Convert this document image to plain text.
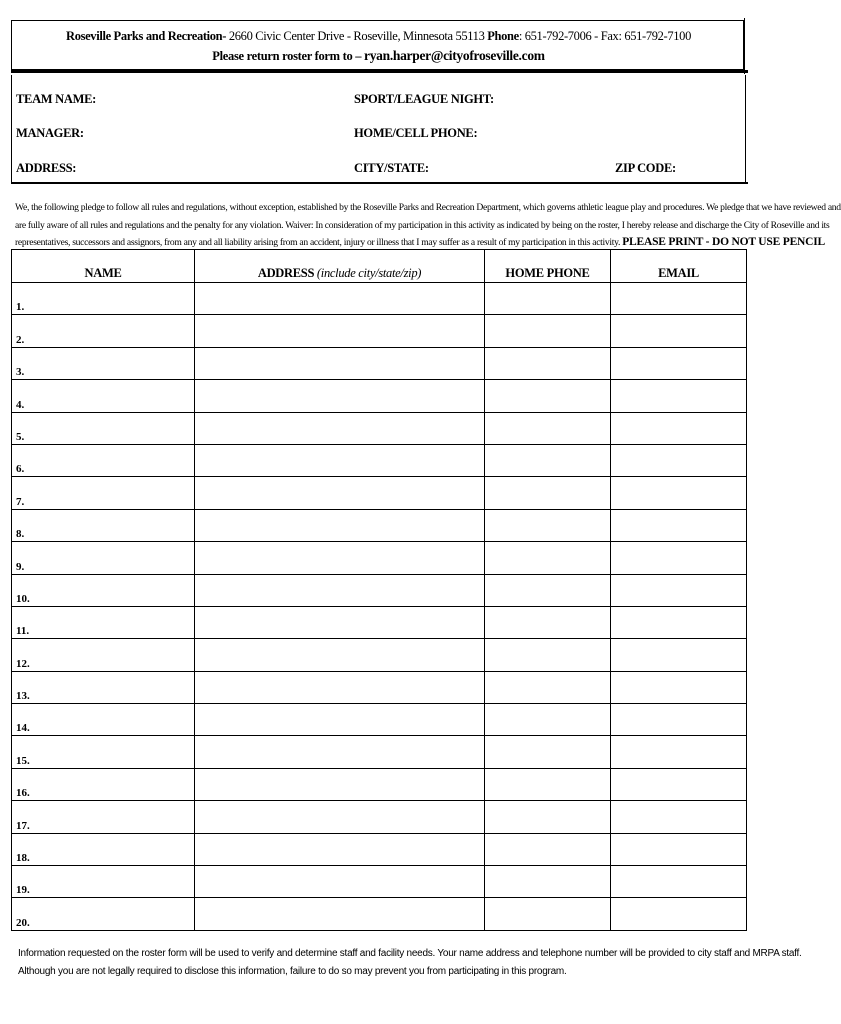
Roseville Parks and Recreation- 2660 Civic Center Drive - Roseville, Minnesota 55113 Phone: 651-792-7006 - Fax: 651-792-7100
Please return roster form to – ryan.harper@cityofroseville.com
TEAM NAME:	SPORT/LEAGUE NIGHT:
MANAGER:	HOME/CELL PHONE:
ADDRESS:	CITY/STATE:	ZIP CODE:
We, the following pledge to follow all rules and regulations, without exception, established by the Roseville Parks and Recreation Department, which governs athletic league play and procedures. We pledge that we have reviewed and
are fully aware of all rules and regulations and the penalty for any violation. Waiver: In consideration of my participation in this activity as indicated by being on the roster, I hereby release and discharge the City of Roseville and its
representatives, successors and assignors, from any and all liability arising from an accident, injury or illness that I may suffer as a result of my participation in this activity. PLEASE PRINT - DO NOT USE PENCIL
NAME	ADDRESS (include city/state/zip)	HOME PHONE	EMAIL
1.			
2.			
3.			
4.			
5.			
6.			
7.			
8.			
9.			
10.			
11.			
12.			
13.			
14.			
15.			
16.			
17.			
18.			
19.			
20.			
Information requested on the roster form will be used to verify and determine staff and facility needs. Your name address and telephone number will be provided to city staff and MRPA staff.
Although you are not legally required to disclose this information, failure to do so may prevent you from participating in this program.
